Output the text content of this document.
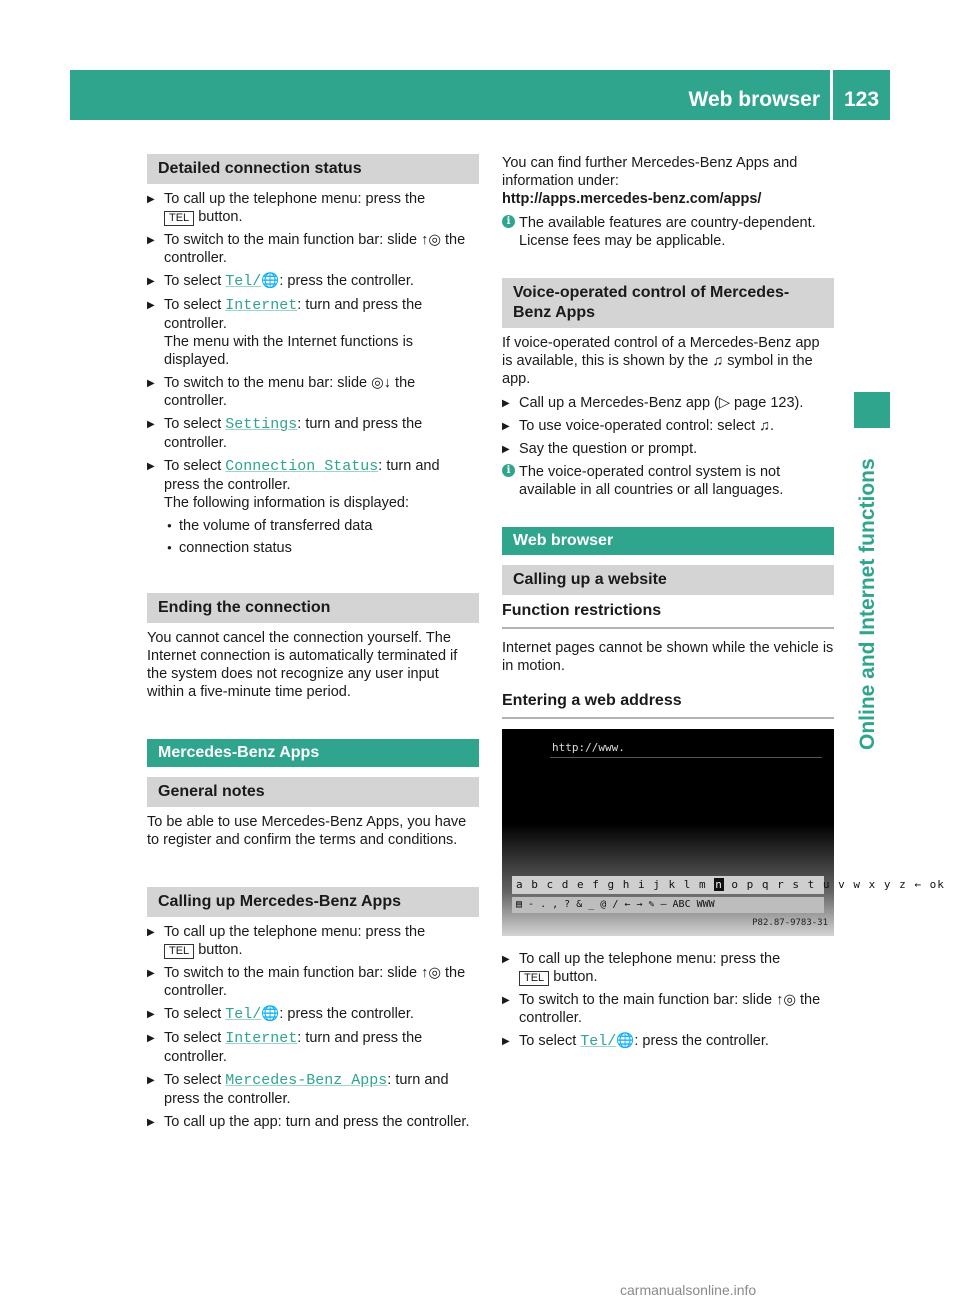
Web browser	123
Online and Internet functions
Detailed connection status
▶ To call up the telephone menu: press the
TEL button.
▶ To switch to the main function bar: slide ↑◎ the controller.
▶ To select Tel/🌐: press the controller.
▶ To select Internet: turn and press the controller.
The menu with the Internet functions is displayed.
▶ To switch to the menu bar: slide ◎↓ the controller.
▶ To select Settings: turn and press the controller.
▶ To select Connection Status: turn and press the controller.
The following information is displayed:
● the volume of transferred data
● connection status
Ending the connection
You cannot cancel the connection yourself. The Internet connection is automatically terminated if the system does not recognize any user input within a five-minute time period.
Mercedes-Benz Apps
General notes
To be able to use Mercedes-Benz Apps, you have to register and confirm the terms and conditions.
Calling up Mercedes-Benz Apps
▶ To call up the telephone menu: press the
TEL button.
▶ To switch to the main function bar: slide ↑◎ the controller.
▶ To select Tel/🌐: press the controller.
▶ To select Internet: turn and press the controller.
▶ To select Mercedes-Benz Apps: turn and press the controller.
▶ To call up the app: turn and press the controller.
You can find further Mercedes-Benz Apps and information under:
http://apps.mercedes-benz.com/apps/
i The available features are country-dependent.
License fees may be applicable.
Voice-operated control of Mercedes-Benz Apps
If voice-operated control of a Mercedes-Benz app is available, this is shown by the ♫ symbol in the app.
▶ Call up a Mercedes-Benz app (▷ page 123).
▶ To use voice-operated control: select ♫.
▶ Say the question or prompt.
i The voice-operated control system is not available in all countries or all languages.
Web browser
Calling up a website
Function restrictions
Internet pages cannot be shown while the vehicle is in motion.
Entering a web address
http://www.
a b c d e f g h i j k l m n o p q r s t u v w x y z ← ok
▤ - . , ? & _ @ / ← → ✎ — ABC WWW
P82.87-9783-31
▶ To call up the telephone menu: press the
TEL button.
▶ To switch to the main function bar: slide ↑◎ the controller.
▶ To select Tel/🌐: press the controller.
carmanualsonline.info
